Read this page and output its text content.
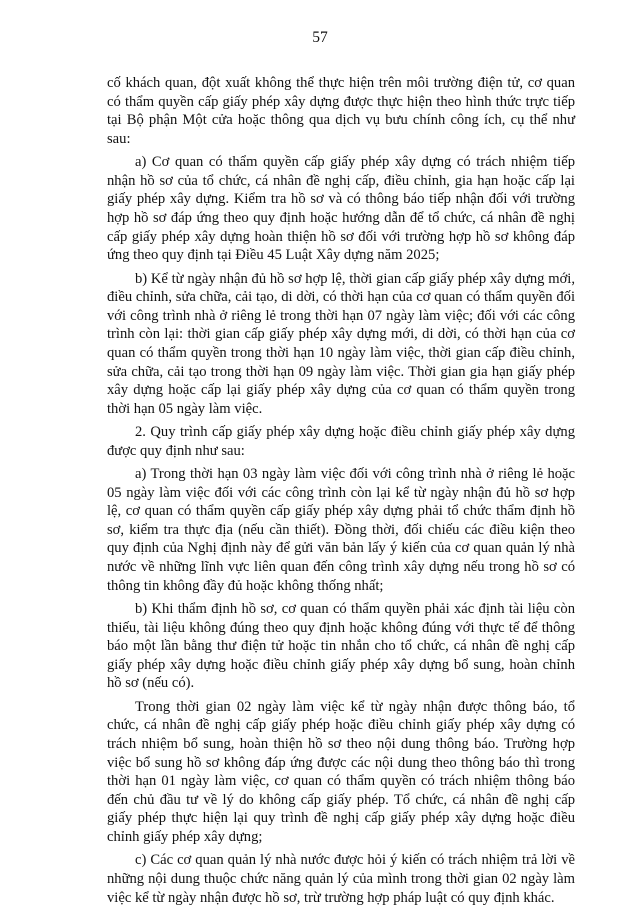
57

cố khách quan, đột xuất không thể thực hiện trên môi trường điện tử, cơ quan có thẩm quyền cấp giấy phép xây dựng được thực hiện theo hình thức trực tiếp tại Bộ phận Một cửa hoặc thông qua dịch vụ bưu chính công ích, cụ thể như sau:

a) Cơ quan có thẩm quyền cấp giấy phép xây dựng có trách nhiệm tiếp nhận hồ sơ của tổ chức, cá nhân đề nghị cấp, điều chỉnh, gia hạn hoặc cấp lại giấy phép xây dựng. Kiểm tra hồ sơ và có thông báo tiếp nhận đối với trường hợp hồ sơ đáp ứng theo quy định hoặc hướng dẫn để tổ chức, cá nhân đề nghị cấp giấy phép xây dựng hoàn thiện hồ sơ đối với trường hợp hồ sơ không đáp ứng theo quy định tại Điều 45 Luật Xây dựng năm 2025;

b) Kể từ ngày nhận đủ hồ sơ hợp lệ, thời gian cấp giấy phép xây dựng mới, điều chỉnh, sửa chữa, cải tạo, di dời, có thời hạn của cơ quan có thẩm quyền đối với công trình nhà ở riêng lẻ trong thời hạn 07 ngày làm việc; đối với các công trình còn lại: thời gian cấp giấy phép xây dựng mới, di dời, có thời hạn của cơ quan có thẩm quyền trong thời hạn 10 ngày làm việc, thời gian cấp điều chỉnh, sửa chữa, cải tạo trong thời hạn 09 ngày làm việc. Thời gian gia hạn giấy phép xây dựng hoặc cấp lại giấy phép xây dựng của cơ quan có thẩm quyền trong thời hạn 05 ngày làm việc.

2. Quy trình cấp giấy phép xây dựng hoặc điều chỉnh giấy phép xây dựng được quy định như sau:

a) Trong thời hạn 03 ngày làm việc đối với công trình nhà ở riêng lẻ hoặc 05 ngày làm việc đối với các công trình còn lại kể từ ngày nhận đủ hồ sơ hợp lệ, cơ quan có thẩm quyền cấp giấy phép xây dựng phải tổ chức thẩm định hồ sơ, kiểm tra thực địa (nếu cần thiết). Đồng thời, đối chiếu các điều kiện theo quy định của Nghị định này để gửi văn bản lấy ý kiến của cơ quan quản lý nhà nước về những lĩnh vực liên quan đến công trình xây dựng nếu trong hồ sơ có thông tin không đầy đủ hoặc không thống nhất;

b) Khi thẩm định hồ sơ, cơ quan có thẩm quyền phải xác định tài liệu còn thiếu, tài liệu không đúng theo quy định hoặc không đúng với thực tế để thông báo một lần bằng thư điện tử hoặc tin nhắn cho tổ chức, cá nhân đề nghị cấp giấy phép xây dựng hoặc điều chỉnh giấy phép xây dựng bổ sung, hoàn chỉnh hồ sơ (nếu có).

Trong thời gian 02 ngày làm việc kể từ ngày nhận được thông báo, tổ chức, cá nhân đề nghị cấp giấy phép hoặc điều chỉnh giấy phép xây dựng có trách nhiệm bổ sung, hoàn thiện hồ sơ theo nội dung thông báo. Trường hợp việc bổ sung hồ sơ không đáp ứng được các nội dung theo thông báo thì trong thời hạn 01 ngày làm việc, cơ quan có thẩm quyền có trách nhiệm thông báo đến chủ đầu tư về lý do không cấp giấy phép. Tổ chức, cá nhân đề nghị cấp giấy phép thực hiện lại quy trình đề nghị cấp giấy phép xây dựng hoặc điều chỉnh giấy phép xây dựng;

c) Các cơ quan quản lý nhà nước được hỏi ý kiến có trách nhiệm trả lời về những nội dung thuộc chức năng quản lý của mình trong thời gian 02 ngày làm việc kể từ ngày nhận được hồ sơ, trừ trường hợp pháp luật có quy định khác.
